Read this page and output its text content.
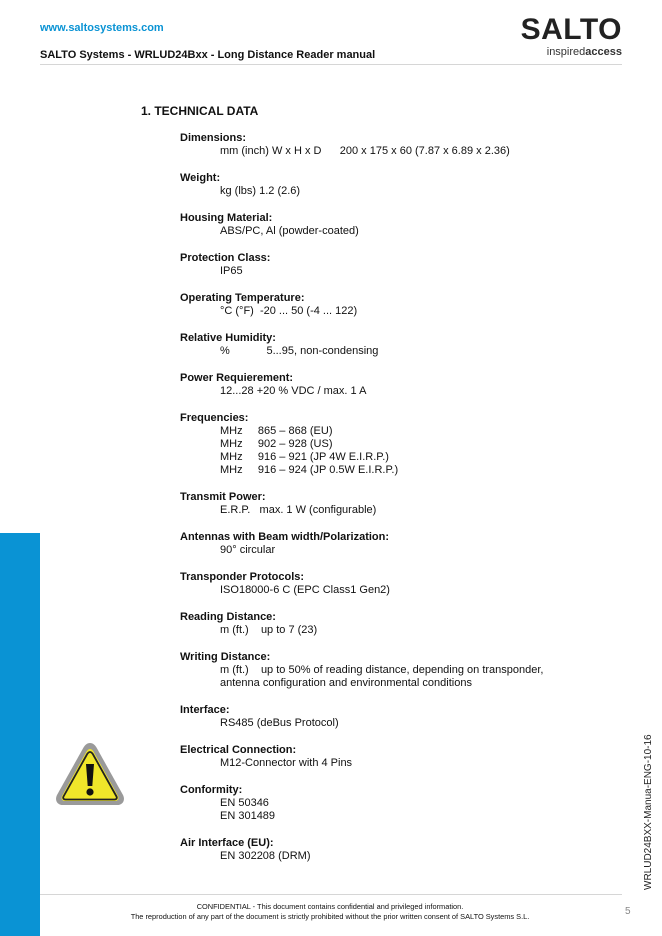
www.saltosystems.com
SALTO Systems - WRLUD24Bxx - Long Distance Reader manual
SALTO
inspiredaccess
1. TECHNICAL DATA
Dimensions:
mm (inch) W x H x D      200 x 175 x 60 (7.87 x 6.89 x 2.36)
Weight:
kg (lbs) 1.2 (2.6)
Housing Material:
ABS/PC, Al (powder-coated)
Protection Class:
IP65
Operating Temperature:
°C (°F)  -20 ... 50 (-4 ... 122)
Relative Humidity:
%            5...95, non-condensing
Power Requierement:
12...28 +20 % VDC / max. 1 A
Frequencies:
MHz     865 – 868 (EU)
MHz     902 – 928 (US)
MHz     916 – 921 (JP 4W E.I.R.P.)
MHz     916 – 924 (JP 0.5W E.I.R.P.)
Transmit Power:
E.R.P.   max. 1 W (configurable)
Antennas with Beam width/Polarization:
90° circular
Transponder Protocols:
ISO18000-6 C (EPC Class1 Gen2)
Reading Distance:
m (ft.)    up to 7 (23)
Writing Distance:
m (ft.)    up to 50% of reading distance, depending on transponder,
antenna configuration and environmental conditions
Interface:
RS485 (deBus Protocol)
Electrical Connection:
M12-Connector with 4 Pins
Conformity:
EN 50346
EN 301489
Air Interface (EU):
EN 302208 (DRM)	WRLUD24BXX-Manua-ENG-10-16
CONFIDENTIAL - This document contains confidential and privileged information.
The reproduction of any part of the document is strictly prohibited without the prior written consent of SALTO Systems S.L.	5
